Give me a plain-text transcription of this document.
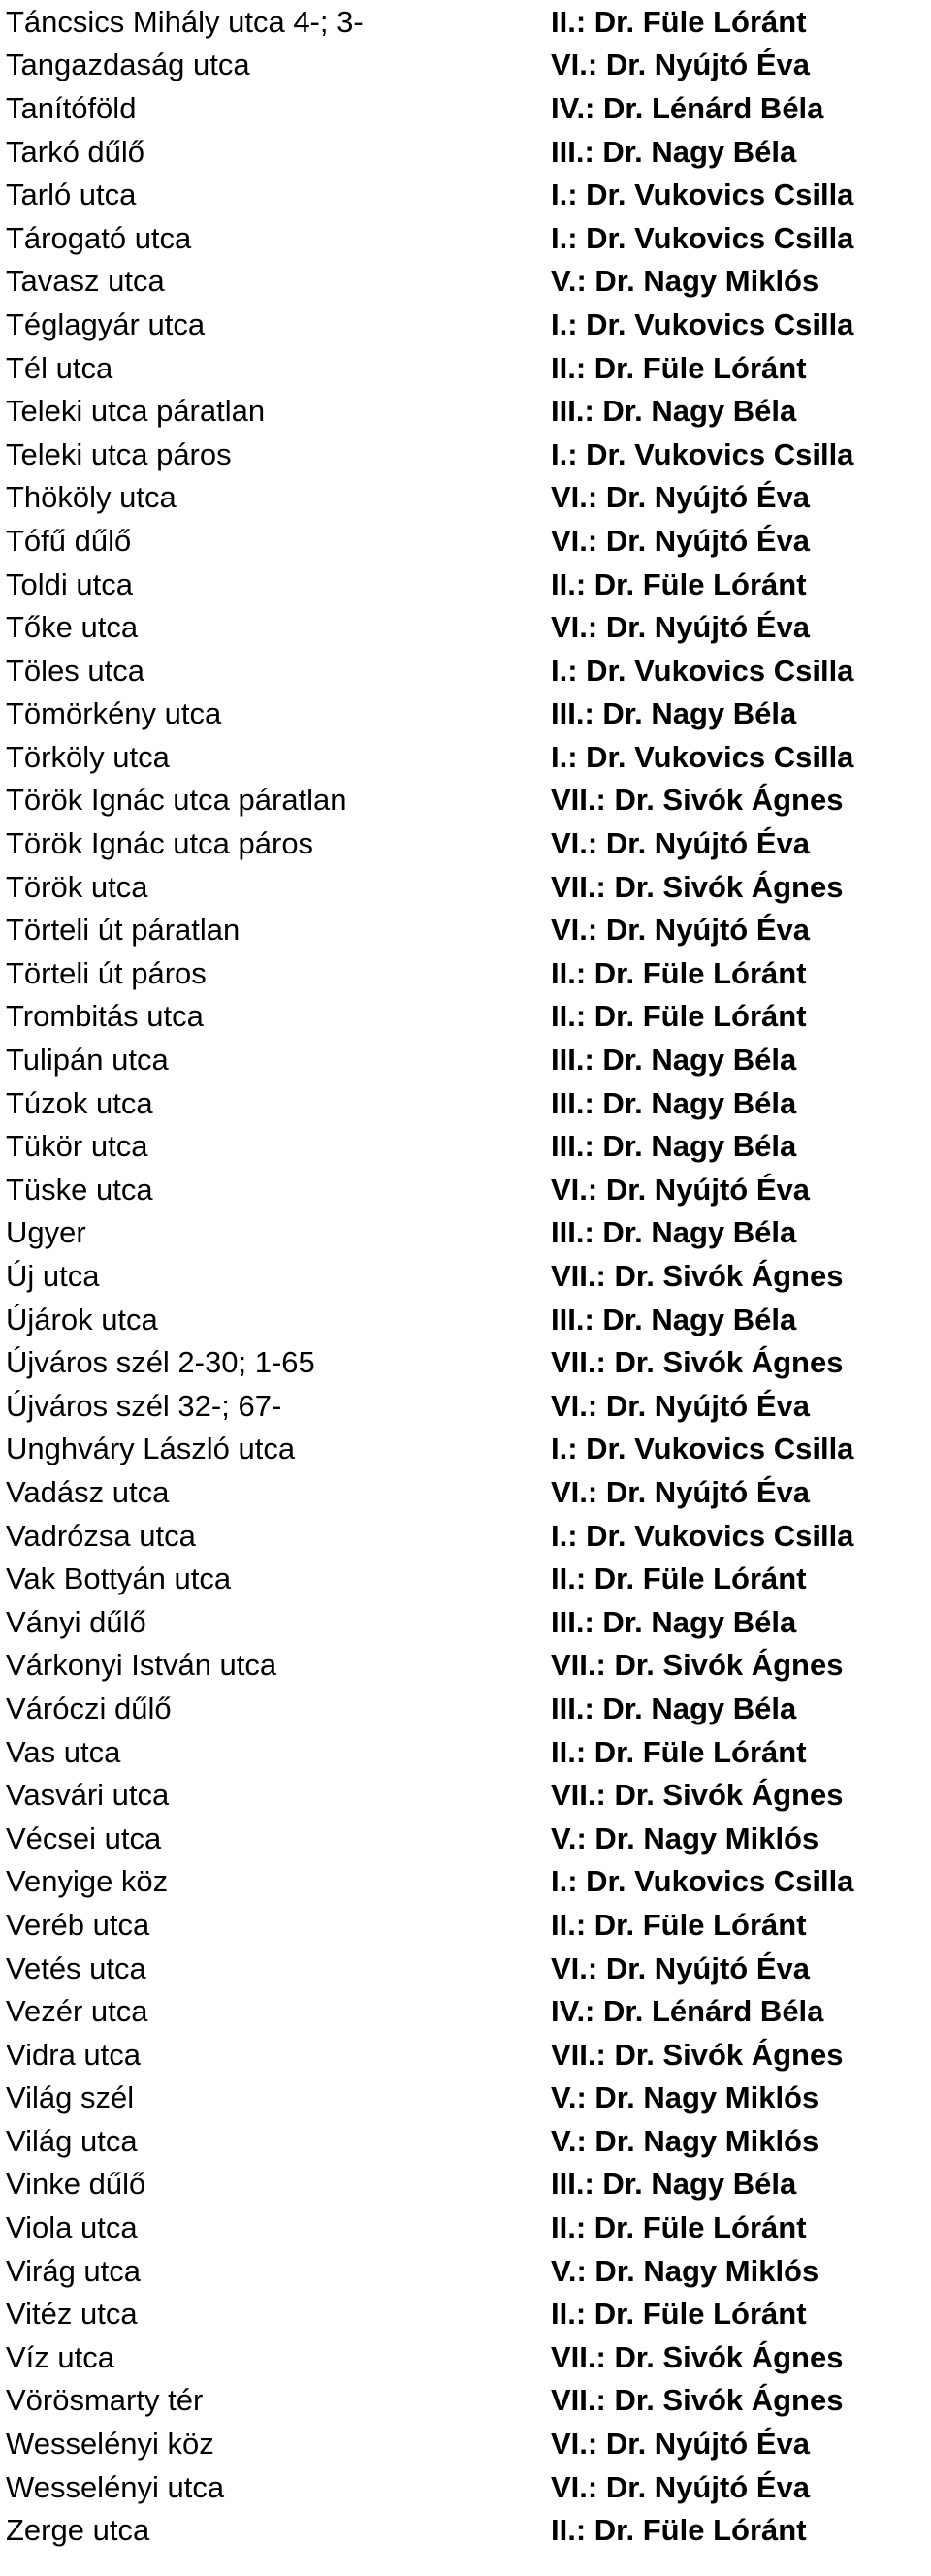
Táncsics Mihály utca 4-; 3-	II.: Dr. Füle Lóránt
Tangazdaság utca	VI.: Dr. Nyújtó Éva
Tanítóföld	IV.: Dr. Lénárd Béla
Tarkó dűlő	III.: Dr. Nagy Béla
Tarló utca	I.: Dr. Vukovics Csilla
Tárogató utca	I.: Dr. Vukovics Csilla
Tavasz utca	V.: Dr. Nagy Miklós
Téglagyár utca	I.: Dr. Vukovics Csilla
Tél utca	II.: Dr. Füle Lóránt
Teleki utca páratlan	III.: Dr. Nagy Béla
Teleki utca páros	I.: Dr. Vukovics Csilla
Thököly utca	VI.: Dr. Nyújtó Éva
Tófű dűlő	VI.: Dr. Nyújtó Éva
Toldi utca	II.: Dr. Füle Lóránt
Tőke utca	VI.: Dr. Nyújtó Éva
Töles utca	I.: Dr. Vukovics Csilla
Tömörkény utca	III.: Dr. Nagy Béla
Törköly utca	I.: Dr. Vukovics Csilla
Török Ignác utca páratlan	VII.: Dr. Sivók Ágnes
Török Ignác utca páros	VI.: Dr. Nyújtó Éva
Török utca	VII.: Dr. Sivók Ágnes
Törteli út páratlan	VI.: Dr. Nyújtó Éva
Törteli út páros	II.: Dr. Füle Lóránt
Trombitás utca	II.: Dr. Füle Lóránt
Tulipán utca	III.: Dr. Nagy Béla
Túzok utca	III.: Dr. Nagy Béla
Tükör utca	III.: Dr. Nagy Béla
Tüske utca	VI.: Dr. Nyújtó Éva
Ugyer	III.: Dr. Nagy Béla
Új utca	VII.: Dr. Sivók Ágnes
Újárok utca	III.: Dr. Nagy Béla
Újváros szél 2-30; 1-65	VII.: Dr. Sivók Ágnes
Újváros szél 32-; 67-	VI.: Dr. Nyújtó Éva
Unghváry László utca	I.: Dr. Vukovics Csilla
Vadász utca	VI.: Dr. Nyújtó Éva
Vadrózsa utca	I.: Dr. Vukovics Csilla
Vak Bottyán utca	II.: Dr. Füle Lóránt
Ványi dűlő	III.: Dr. Nagy Béla
Várkonyi István utca	VII.: Dr. Sivók Ágnes
Váróczi dűlő	III.: Dr. Nagy Béla
Vas utca	II.: Dr. Füle Lóránt
Vasvári utca	VII.: Dr. Sivók Ágnes
Vécsei utca	V.: Dr. Nagy Miklós
Venyige köz	I.: Dr. Vukovics Csilla
Veréb utca	II.: Dr. Füle Lóránt
Vetés utca	VI.: Dr. Nyújtó Éva
Vezér utca	IV.: Dr. Lénárd Béla
Vidra utca	VII.: Dr. Sivók Ágnes
Világ szél	V.: Dr. Nagy Miklós
Világ utca	V.: Dr. Nagy Miklós
Vinke dűlő	III.: Dr. Nagy Béla
Viola utca	II.: Dr. Füle Lóránt
Virág utca	V.: Dr. Nagy Miklós
Vitéz utca	II.: Dr. Füle Lóránt
Víz utca	VII.: Dr. Sivók Ágnes
Vörösmarty tér	VII.: Dr. Sivók Ágnes
Wesselényi köz	VI.: Dr. Nyújtó Éva
Wesselényi utca	VI.: Dr. Nyújtó Éva
Zerge utca	II.: Dr. Füle Lóránt
